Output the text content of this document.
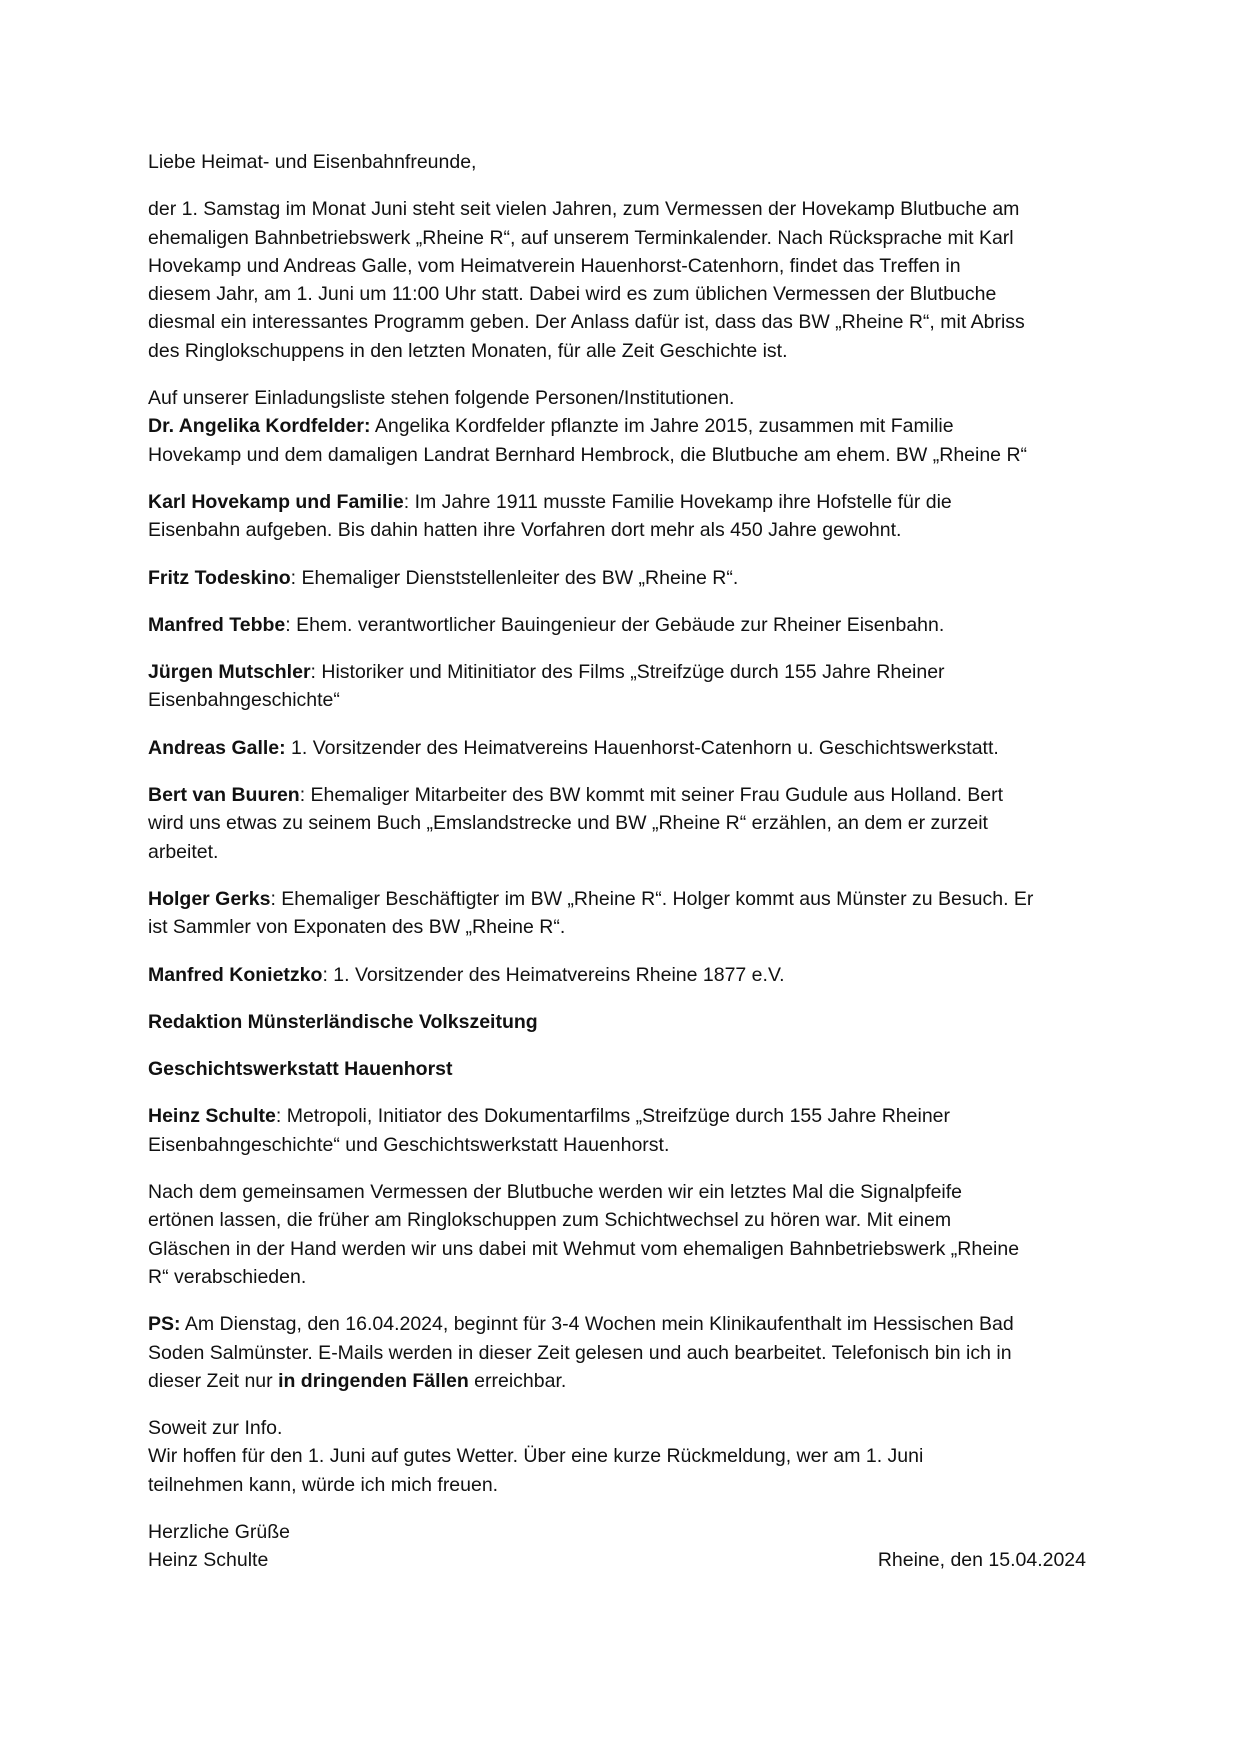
Liebe Heimat- und Eisenbahnfreunde,

der 1. Samstag im Monat Juni steht seit vielen Jahren, zum Vermessen der Hovekamp Blutbuche am
ehemaligen Bahnbetriebswerk „Rheine R“, auf unserem Terminkalender. Nach Rücksprache mit Karl
Hovekamp und Andreas Galle, vom Heimatverein Hauenhorst-Catenhorn, findet das Treffen in
diesem Jahr, am 1. Juni um 11:00 Uhr statt. Dabei wird es zum üblichen Vermessen der Blutbuche
diesmal ein interessantes Programm geben. Der Anlass dafür ist, dass das BW „Rheine R“, mit Abriss
des Ringlokschuppens in den letzten Monaten, für alle Zeit Geschichte ist.

Auf unserer Einladungsliste stehen folgende Personen/Institutionen.
Dr. Angelika Kordfelder: Angelika Kordfelder pflanzte im Jahre 2015, zusammen mit Familie
Hovekamp und dem damaligen Landrat Bernhard Hembrock, die Blutbuche am ehem. BW „Rheine R“

Karl Hovekamp und Familie: Im Jahre 1911 musste Familie Hovekamp ihre Hofstelle für die
Eisenbahn aufgeben. Bis dahin hatten ihre Vorfahren dort mehr als 450 Jahre gewohnt.

Fritz Todeskino: Ehemaliger Dienststellenleiter des BW „Rheine R“.

Manfred Tebbe: Ehem. verantwortlicher Bauingenieur der Gebäude zur Rheiner Eisenbahn.

Jürgen Mutschler: Historiker und Mitinitiator des Films „Streifzüge durch 155 Jahre Rheiner
Eisenbahngeschichte“

Andreas Galle: 1. Vorsitzender des Heimatvereins Hauenhorst-Catenhorn u. Geschichtswerkstatt.

Bert van Buuren: Ehemaliger Mitarbeiter des BW kommt mit seiner Frau Gudule aus Holland. Bert
wird uns etwas zu seinem Buch „Emslandstrecke und BW „Rheine R“ erzählen, an dem er zurzeit
arbeitet.

Holger Gerks: Ehemaliger Beschäftigter im BW „Rheine R“. Holger kommt aus Münster zu Besuch. Er
ist Sammler von Exponaten des BW „Rheine R“.

Manfred Konietzko: 1. Vorsitzender des Heimatvereins Rheine 1877 e.V.

Redaktion Münsterländische Volkszeitung

Geschichtswerkstatt Hauenhorst

Heinz Schulte: Metropoli, Initiator des Dokumentarfilms „Streifzüge durch 155 Jahre Rheiner
Eisenbahngeschichte“ und Geschichtswerkstatt Hauenhorst.

Nach dem gemeinsamen Vermessen der Blutbuche werden wir ein letztes Mal die Signalpfeife
ertönen lassen, die früher am Ringlokschuppen zum Schichtwechsel zu hören war. Mit einem
Gläschen in der Hand werden wir uns dabei mit Wehmut vom ehemaligen Bahnbetriebswerk „Rheine
R“ verabschieden.

PS: Am Dienstag, den 16.04.2024, beginnt für 3-4 Wochen mein Klinikaufenthalt im Hessischen Bad
Soden Salmünster. E-Mails werden in dieser Zeit gelesen und auch bearbeitet. Telefonisch bin ich in
dieser Zeit nur in dringenden Fällen erreichbar.

Soweit zur Info.
Wir hoffen für den 1. Juni auf gutes Wetter. Über eine kurze Rückmeldung, wer am 1. Juni
teilnehmen kann, würde ich mich freuen.

Herzliche Grüße
Heinz Schulte	Rheine, den 15.04.2024
